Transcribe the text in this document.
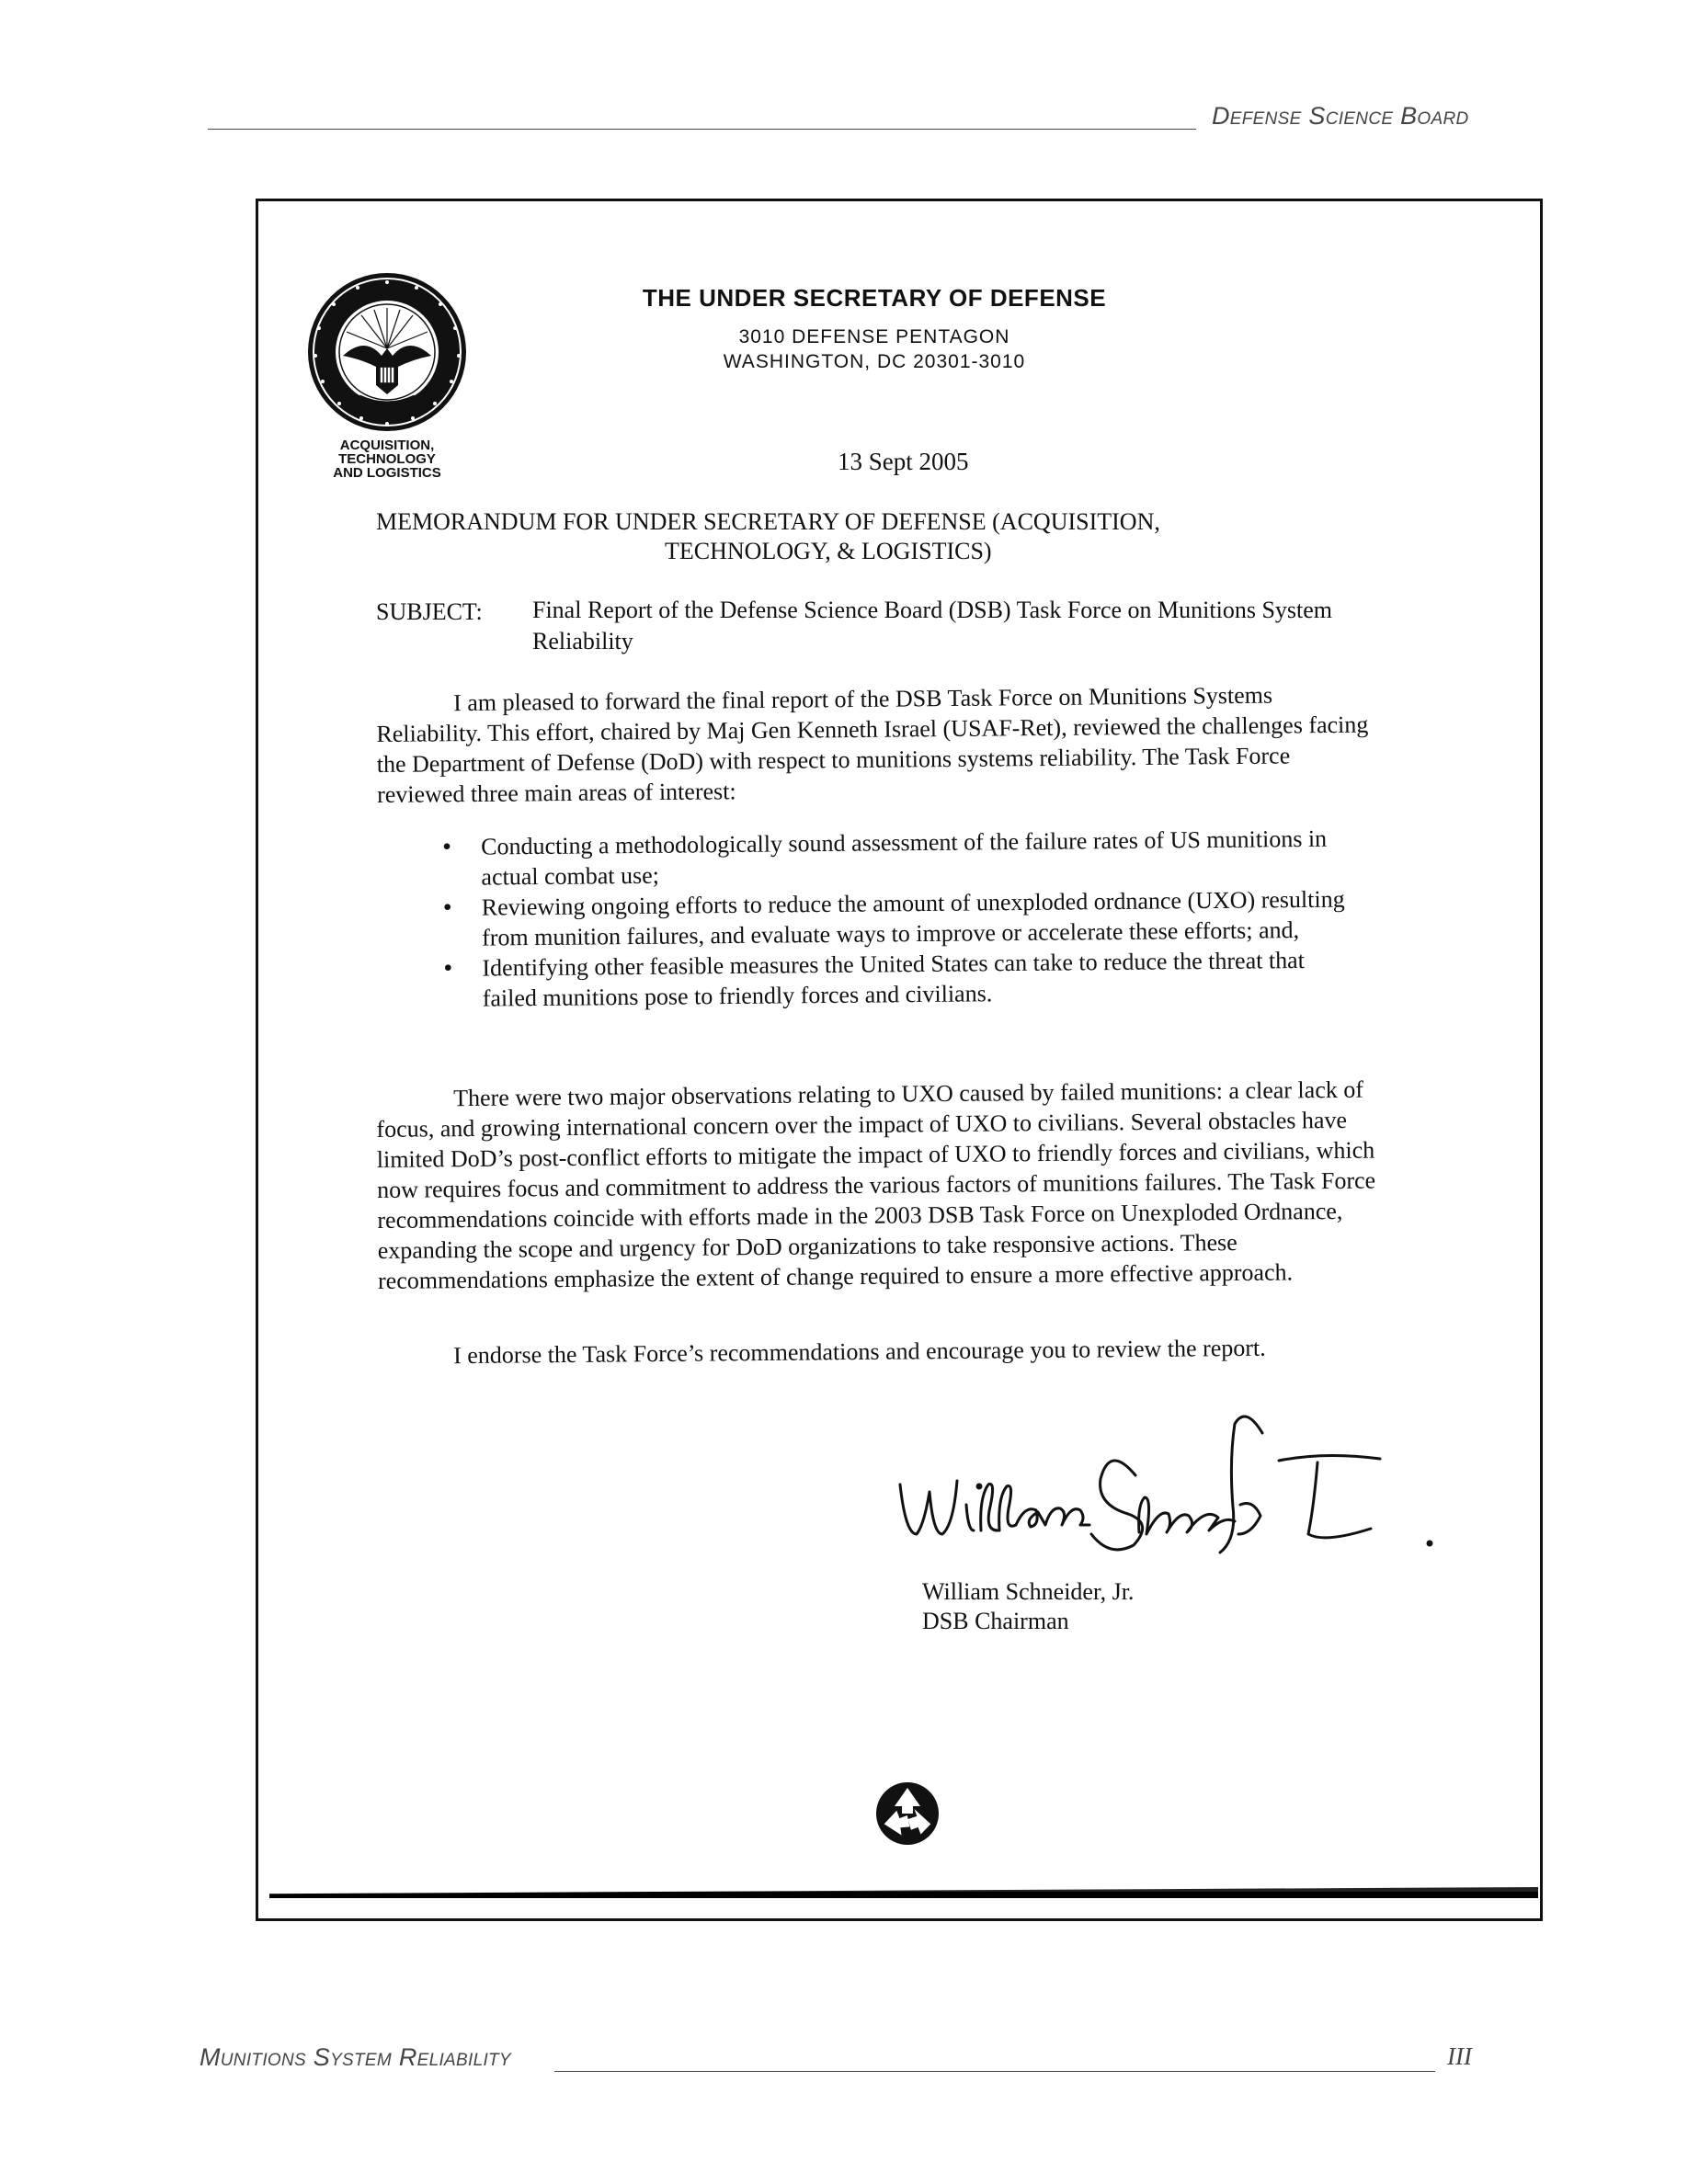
Defense Science Board
ACQUISITION,
TECHNOLOGY
AND LOGISTICS
THE UNDER SECRETARY OF DEFENSE
3010 DEFENSE PENTAGON
WASHINGTON, DC 20301-3010
13 Sept 2005
MEMORANDUM FOR UNDER SECRETARY OF DEFENSE (ACQUISITION,
TECHNOLOGY, & LOGISTICS)
SUBJECT: Final Report of the Defense Science Board (DSB) Task Force on Munitions System Reliability
I am pleased to forward the final report of the DSB Task Force on Munitions Systems Reliability. This effort, chaired by Maj Gen Kenneth Israel (USAF-Ret), reviewed the challenges facing the Department of Defense (DoD) with respect to munitions systems reliability. The Task Force reviewed three main areas of interest:
• Conducting a methodologically sound assessment of the failure rates of US munitions in actual combat use;
• Reviewing ongoing efforts to reduce the amount of unexploded ordnance (UXO) resulting from munition failures, and evaluate ways to improve or accelerate these efforts; and,
• Identifying other feasible measures the United States can take to reduce the threat that failed munitions pose to friendly forces and civilians.
There were two major observations relating to UXO caused by failed munitions: a clear lack of focus, and growing international concern over the impact of UXO to civilians. Several obstacles have limited DoD’s post-conflict efforts to mitigate the impact of UXO to friendly forces and civilians, which now requires focus and commitment to address the various factors of munitions failures. The Task Force recommendations coincide with efforts made in the 2003 DSB Task Force on Unexploded Ordnance, expanding the scope and urgency for DoD organizations to take responsive actions. These recommendations emphasize the extent of change required to ensure a more effective approach.
I endorse the Task Force’s recommendations and encourage you to review the report.
William Schneider, Jr.
DSB Chairman
Munitions System Reliability	III
